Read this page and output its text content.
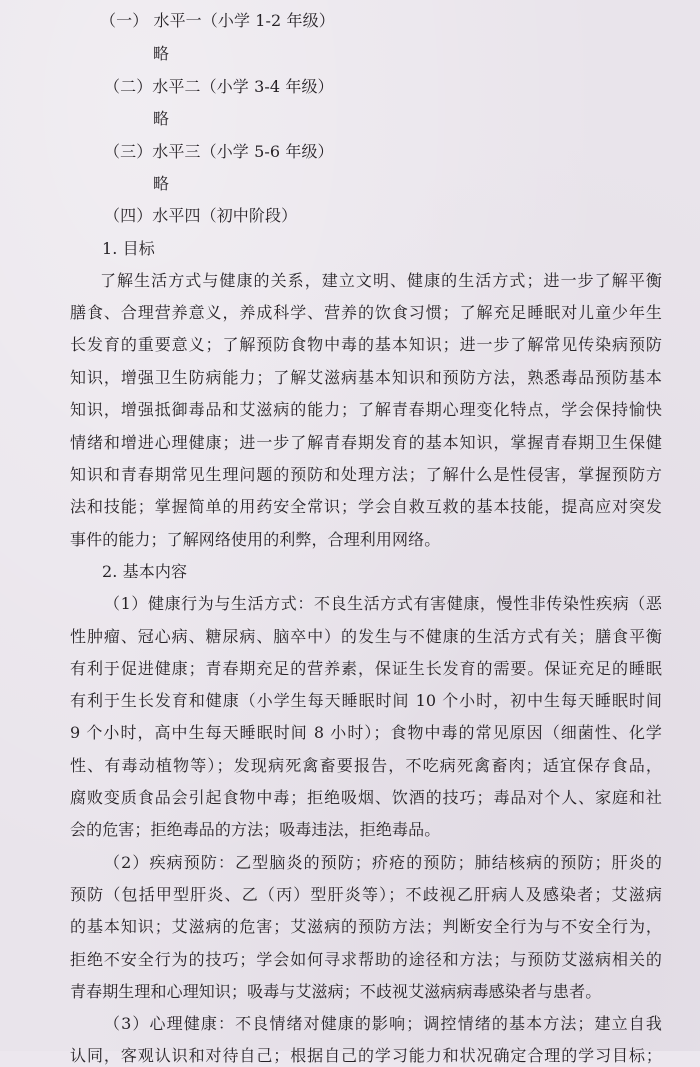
（一） 水平一（小学 1-2 年级）
略
（二）水平二（小学 3-4 年级）
略
（三）水平三（小学 5-6 年级）
略
（四）水平四（初中阶段）
1. 目标
了解生活方式与健康的关系，建立文明、健康的生活方式；进一步了解平衡
膳食、合理营养意义，养成科学、营养的饮食习惯；了解充足睡眠对儿童少年生
长发育的重要意义；了解预防食物中毒的基本知识；进一步了解常见传染病预防
知识，增强卫生防病能力；了解艾滋病基本知识和预防方法，熟悉毒品预防基本
知识，增强抵御毒品和艾滋病的能力；了解青春期心理变化特点，学会保持愉快
情绪和增进心理健康；进一步了解青春期发育的基本知识，掌握青春期卫生保健
知识和青春期常见生理问题的预防和处理方法；了解什么是性侵害，掌握预防方
法和技能；掌握简单的用药安全常识；学会自救互救的基本技能，提高应对突发
事件的能力；了解网络使用的利弊，合理利用网络。
2. 基本内容
（1）健康行为与生活方式：不良生活方式有害健康，慢性非传染性疾病（恶
性肿瘤、冠心病、糖尿病、脑卒中）的发生与不健康的生活方式有关；膳食平衡
有利于促进健康；青春期充足的营养素，保证生长发育的需要。保证充足的睡眠
有利于生长发育和健康（小学生每天睡眠时间 10 个小时，初中生每天睡眠时间
9 个小时，高中生每天睡眠时间 8 小时）；食物中毒的常见原因（细菌性、化学
性、有毒动植物等）；发现病死禽畜要报告，不吃病死禽畜肉；适宜保存食品，
腐败变质食品会引起食物中毒；拒绝吸烟、饮酒的技巧；毒品对个人、家庭和社
会的危害；拒绝毒品的方法；吸毒违法，拒绝毒品。
（2）疾病预防：乙型脑炎的预防；疥疮的预防；肺结核病的预防；肝炎的
预防（包括甲型肝炎、乙（丙）型肝炎等）；不歧视乙肝病人及感染者；艾滋病
的基本知识；艾滋病的危害；艾滋病的预防方法；判断安全行为与不安全行为，
拒绝不安全行为的技巧；学会如何寻求帮助的途径和方法；与预防艾滋病相关的
青春期生理和心理知识；吸毒与艾滋病；不歧视艾滋病病毒感染者与患者。
（3）心理健康：不良情绪对健康的影响；调控情绪的基本方法；建立自我
认同，客观认识和对待自己；根据自己的学习能力和状况确定合理的学习目标；
